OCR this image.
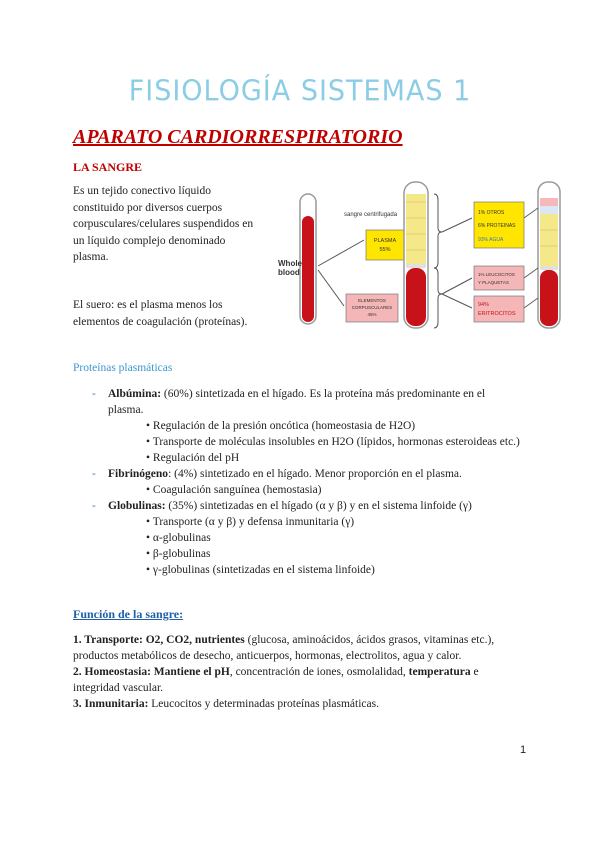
FISIOLOGÍA SISTEMAS 1
APARATO CARDIORRESPIRATORIO
LA SANGRE
Es un tejido conectivo líquido
constituido por diversos cuerpos
corpusculares/celulares suspendidos en
un líquido complejo denominado
plasma.
El suero: es el plasma menos los
elementos de coagulación (proteínas).
Whole
blood
sangre centrifugada
PLASMA
55%
ELEMENTOS
CORPUSCULARES
45%
1% OTROS
6% PROTEINAS
93% AGUA
1% LEUCOCITOS
Y PLAQUETAS
94%
ERITROCITOS
Proteínas plasmáticas
- Albúmina: (60%) sintetizada en el hígado. Es la proteína más predominante en el
plasma.
• Regulación de la presión oncótica (homeostasia de H2O)
• Transporte de moléculas insolubles en H2O (lípidos, hormonas esteroideas etc.)
• Regulación del pH
- Fibrinógeno: (4%) sintetizado en el hígado. Menor proporción en el plasma.
• Coagulación sanguínea (hemostasia)
- Globulinas: (35%) sintetizadas en el hígado (α y β) y en el sistema linfoide (γ)
• Transporte (α y β) y defensa inmunitaria (γ)
• α-globulinas
• β-globulinas
• γ-globulinas (sintetizadas en el sistema linfoide)
Función de la sangre:
1. Transporte: O2, CO2, nutrientes (glucosa, aminoácidos, ácidos grasos, vitaminas etc.),
productos metabólicos de desecho, anticuerpos, hormonas, electrolitos, agua y calor.
2. Homeostasia: Mantiene el pH, concentración de iones, osmolalidad, temperatura e
integridad vascular.
3. Inmunitaria: Leucocitos y determinadas proteínas plasmáticas.
1
